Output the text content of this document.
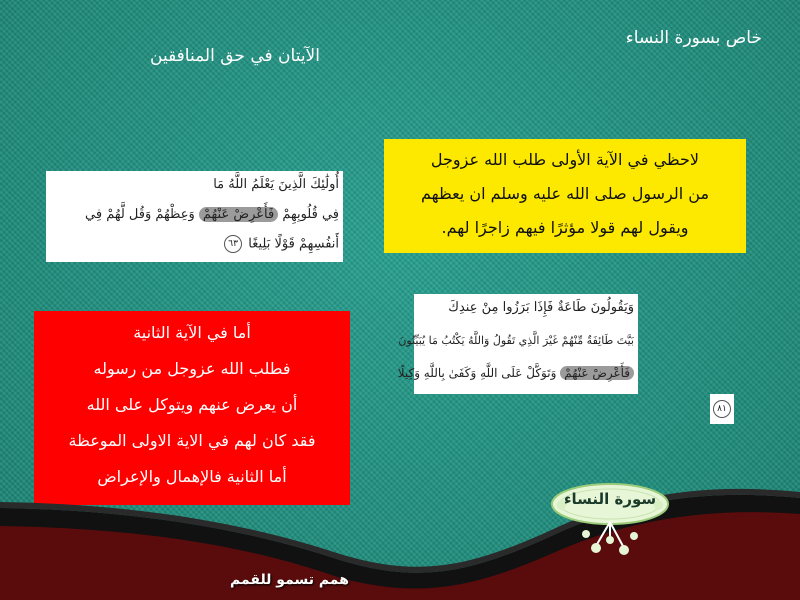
خاص بسورة النساء
الآيتان في حق المنافقين
لاحظي في الآية الأولى طلب الله عزوجل
من الرسول صلى الله عليه وسلم ان يعظهم
ويقول لهم قولا مؤثرًا فيهم زاجرًا لهم.
أُولَٰئِكَ الَّذِينَ يَعْلَمُ اللَّهُ مَا
فِي قُلُوبِهِمْ فَأَعْرِضْ عَنْهُمْ وَعِظْهُمْ وَقُل لَّهُمْ فِي
أَنفُسِهِمْ قَوْلًا بَلِيغًا ٦٣
وَيَقُولُونَ طَاعَةٌ فَإِذَا بَرَزُوا مِنْ عِندِكَ
بَيَّتَ طَائِفَةٌ مِّنْهُمْ غَيْرَ الَّذِي تَقُولُ وَاللَّهُ يَكْتُبُ مَا يُبَيِّتُونَ
فَأَعْرِضْ عَنْهُمْ وَتَوَكَّلْ عَلَى اللَّهِ وَكَفَىٰ بِاللَّهِ وَكِيلًا
٨١
أما في الآية الثانية
فطلب الله عزوجل من رسوله
أن يعرض عنهم ويتوكل على الله
فقد كان لهم في الاية الاولى الموعظة
أما الثانية فالإهمال والإعراض
همم تسمو للقمم
سورة النساء
